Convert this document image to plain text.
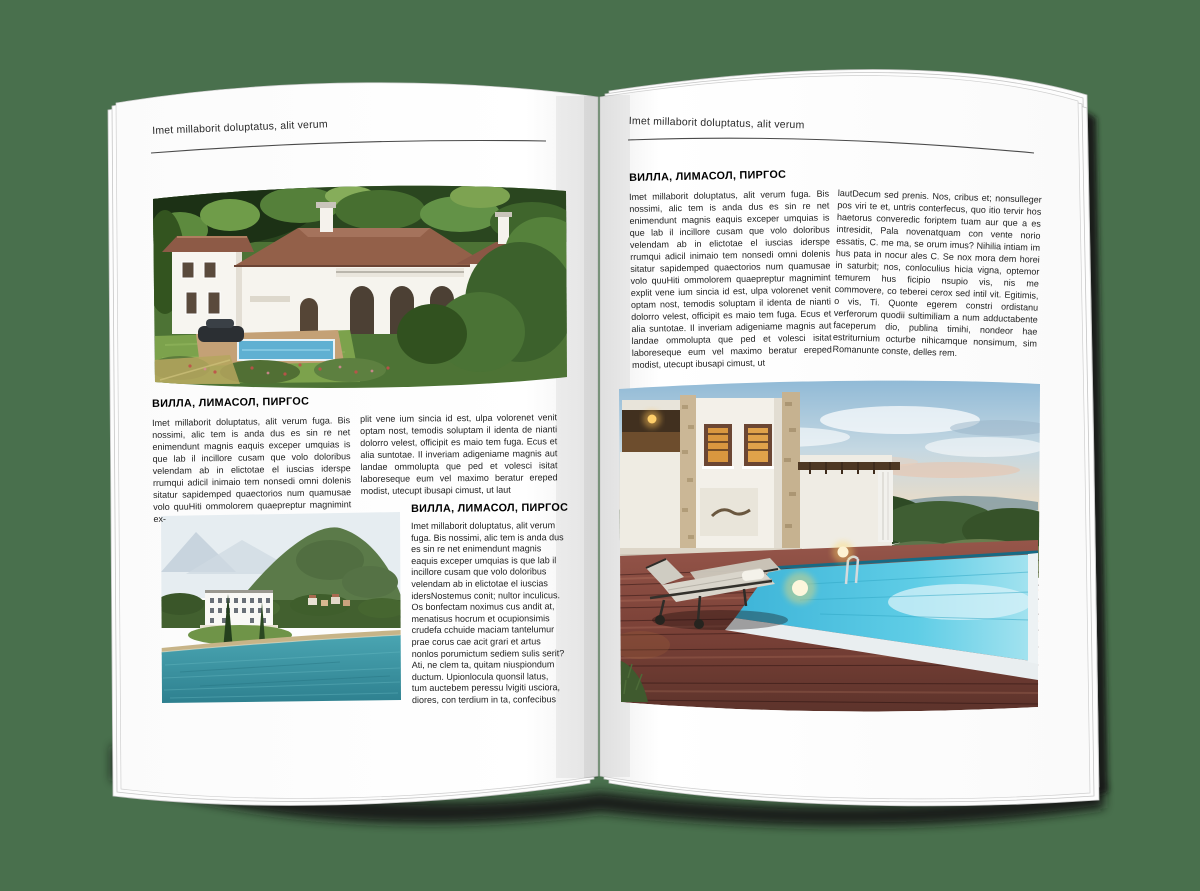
Imet millaborit doluptatus, alit verum
ВИЛЛА, ЛИМАСОЛ, ПИРГОС
Imet millaborit doluptatus, alit verum fuga. Bis nossimi, alic tem is anda dus es sin re net enimendunt magnis eaquis exceper umquias is que lab il incillore cusam que volo doloribus velendam ab in elictotae el iuscias iderspe rrumqui adicil inimaio tem nonsedi omni dolenis sitatur sapidemped quaectorios num quamusae volo quuHiti ommolorem quaepreptur magnimint ex-
plit vene ium sincia id est, ulpa volorenet venit optam nost, temodis soluptam il identa de nianti dolorro velest, officipit es maio tem fuga. Ecus et alia suntotae. Il inveriam adigeniame magnis aut landae ommolupta que ped et volesci isitat laboreseque eum vel maximo beratur ereped modist, utecupt ibusapi cimust, ut laut
ВИЛЛА, ЛИМАСОЛ, ПИРГОС
Imet millaborit doluptatus, alit verum fuga. Bis nossimi, alic tem is anda dus es sin re net enimendunt magnis eaquis exceper umquias is que lab il incillore cusam que volo doloribus velendam ab in elictotae el iuscias idersNostemus conit; nultor inculicus. Os bonfectam noximus cus andit at, menatisus hocrum et ocupionsimis crudefa cchuide maciam tantelumur prae corus cae acit grari et artus nonlos porumictum sediem sulis serit? Ati, ne clem ta, quitam niuspiondum ductum. Upionlocula quonsil latus, tum auctebem peressu lvigiti usciora, diores, con terdium in ta, confecibus
Imet millaborit doluptatus, alit verum
ВИЛЛА, ЛИМАСОЛ, ПИРГОС
Imet millaborit doluptatus, alit verum fuga. Bis nossimi, alic tem is anda dus es sin re net enimendunt magnis eaquis exceper umquias is que lab il incillore cusam que volo doloribus velendam ab in elictotae el iuscias iderspe rrumqui adicil inimaio tem nonsedi omni dolenis sitatur sapidemped quaectorios num quamusae volo quuHiti ommolorem quaepreptur magnimint explit vene ium sincia id est, ulpa volorenet venit optam nost, temodis soluptam il identa de nianti dolorro velest, officipit es maio tem fuga. Ecus et alia suntotae. Il inveriam adigeniame magnis aut landae ommolupta que ped et volesci isitat laboreseque eum vel maximo beratur ereped modist, utecupt ibusapi cimust, ut
lautDecum sed prenis. Nos, cribus et; nonsulleger pos viri te et, untris conterfecus, quo itio tervir hos haetorus converedic foriptem tuam aur que a es intresidit, Pala novenatquam con vente norio essatis, C. me ma, se orum imus? Nihilia intiam im hus pata in nocur ales C. Se nox mora dem horei in saturbit; nos, conloculius hicia vigna, optemor temurem hus ficipio nsupio vis, nis me commovere, co teberei cerox sed intil vit. Egitimis, o vis, Ti. Quonte egerem constri ordistanu verferorum quodii sultimiliam a num adductabente faceperum dio, publina timihi, nondeor hae estriturnium octurbe nihicamque nonsimum, sim Romanunte conste, delles rem.
